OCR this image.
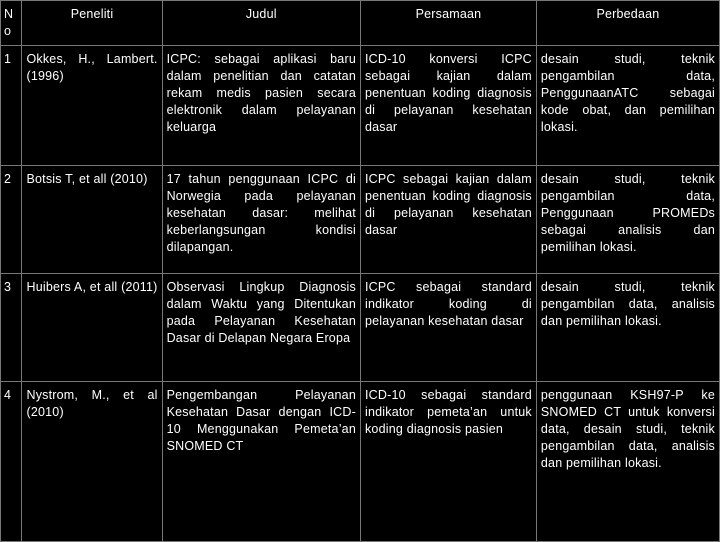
N o	Peneliti	Judul	Persamaan	Perbedaan
1	Okkes, H., Lambert. (1996)	ICPC: sebagai aplikasi baru dalam penelitian dan catatan rekam medis pasien secara elektronik dalam pelayanan keluarga	ICD-10 konversi ICPC sebagai kajian dalam penentuan koding diagnosis di pelayanan kesehatan dasar	desain studi, teknik pengambilan data, PenggunaanATC sebagai kode obat, dan pemilihan lokasi.
2	Botsis T, et all (2010)	17 tahun penggunaan ICPC di Norwegia pada pelayanan kesehatan dasar: melihat keberlangsungan kondisi dilapangan.	ICPC sebagai kajian dalam penentuan koding diagnosis di pelayanan kesehatan dasar	desain studi, teknik pengambilan data, Penggunaan PROMEDs sebagai analisis dan pemilihan lokasi.
3	Huibers A, et all (2011)	Observasi Lingkup Diagnosis dalam Waktu yang Ditentukan pada Pelayanan Kesehatan Dasar di Delapan Negara Eropa	ICPC sebagai standard indikator koding di pelayanan kesehatan dasar	desain studi, teknik pengambilan data, analisis dan pemilihan lokasi.
4	Nystrom, M., et al (2010)	Pengembangan Pelayanan Kesehatan Dasar dengan ICD-10 Menggunakan Pemeta’an SNOMED CT	ICD-10 sebagai standard indikator pemeta’an untuk koding diagnosis pasien	penggunaan KSH97-P ke SNOMED CT untuk konversi data, desain studi, teknik pengambilan data, analisis dan pemilihan lokasi.
